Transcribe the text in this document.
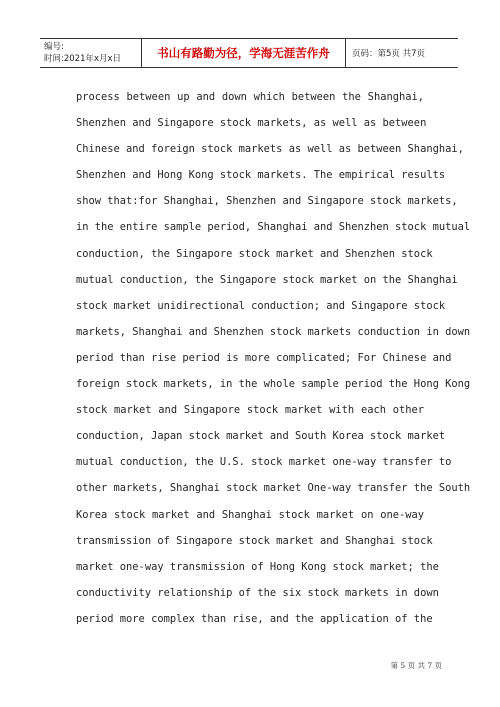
编号:
时间:2021年x月x日	书山有路勤为径，学海无涯苦作舟	页码：第5页 共7页
process between up and down which between the Shanghai,
Shenzhen and Singapore stock markets, as well as between
Chinese and foreign stock markets as well as between Shanghai,
Shenzhen and Hong Kong stock markets. The empirical results
show that:for Shanghai, Shenzhen and Singapore stock markets,
in the entire sample period, Shanghai and Shenzhen stock mutual
conduction, the Singapore stock market and Shenzhen stock
mutual conduction, the Singapore stock market on the Shanghai
stock market unidirectional conduction; and Singapore stock
markets, Shanghai and Shenzhen stock markets conduction in down
period than rise period is more complicated; For Chinese and
foreign stock markets, in the whole sample period the Hong Kong
stock market and Singapore stock market with each other
conduction, Japan stock market and South Korea stock market
mutual conduction, the U.S. stock market one-way transfer to
other markets, Shanghai stock market One-way transfer the South
Korea stock market and Shanghai stock market on one-way
transmission of Singapore stock market and Shanghai stock
market one-way transmission of Hong Kong stock market; the
conductivity relationship of the six stock markets in down
period more complex than rise, and the application of the
第 5 页 共 7 页
